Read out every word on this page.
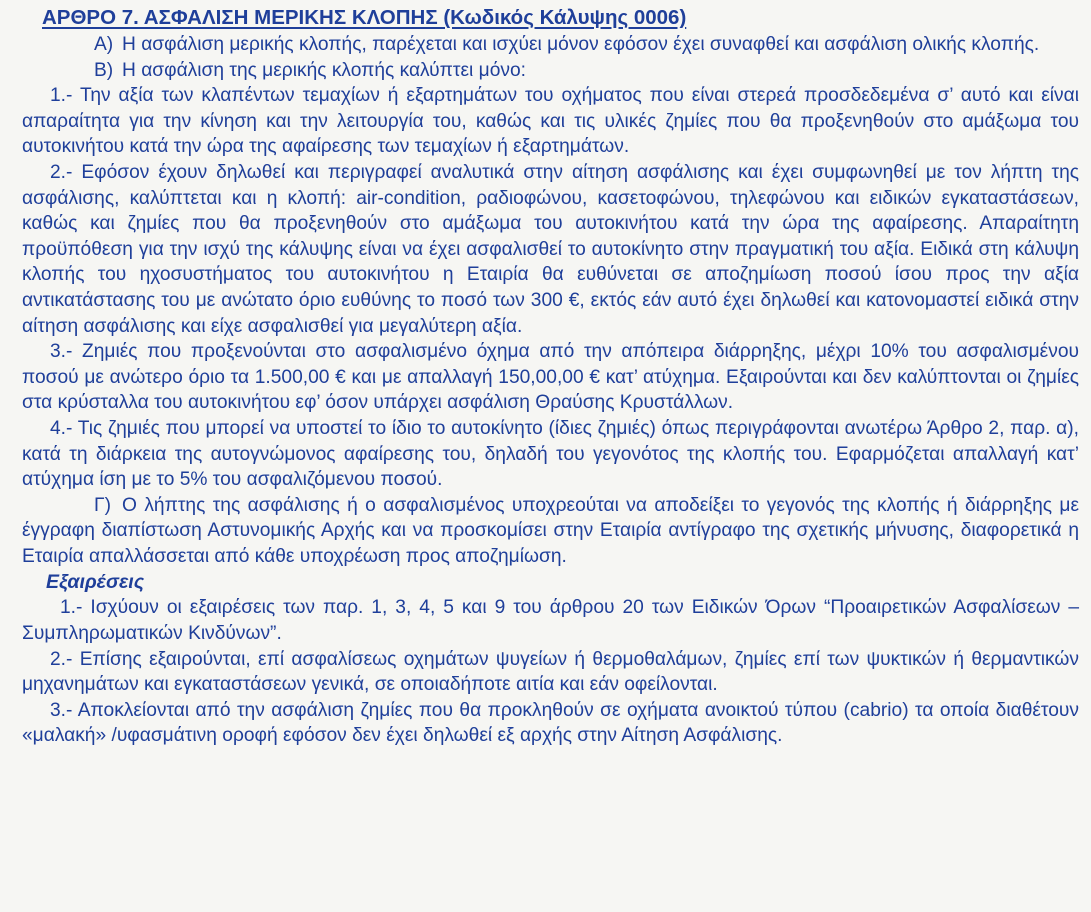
ΑΡΘΡΟ 7. ΑΣΦΑΛΙΣΗ ΜΕΡΙΚΗΣ ΚΛΟΠΗΣ (Κωδικός Κάλυψης 0006)

Α) Η ασφάλιση μερικής κλοπής, παρέχεται και ισχύει μόνον εφόσον έχει συναφθεί και ασφάλιση ολικής κλοπής.

Β) Η ασφάλιση της μερικής κλοπής καλύπτει μόνο:

1.- Την αξία των κλαπέντων τεμαχίων ή εξαρτημάτων του οχήματος που είναι στερεά προσδεδεμένα σ’ αυτό και είναι απαραίτητα για την κίνηση και την λειτουργία του, καθώς και τις υλικές ζημίες που θα προξενηθούν στο αμάξωμα του αυτοκινήτου κατά την ώρα της αφαίρεσης των τεμαχίων ή εξαρτημάτων.

2.- Εφόσον έχουν δηλωθεί και περιγραφεί αναλυτικά στην αίτηση ασφάλισης και έχει συμφωνηθεί με τον λήπτη της ασφάλισης, καλύπτεται και η κλοπή: air-condition, ραδιοφώνου, κασετοφώνου, τηλεφώνου και ειδικών εγκαταστάσεων, καθώς και ζημίες που θα προξενηθούν στο αμάξωμα του αυτοκινήτου κατά την ώρα της αφαίρεσης. Απαραίτητη προϋπόθεση για την ισχύ της κάλυψης είναι να έχει ασφαλισθεί το αυτοκίνητο στην πραγματική του αξία. Ειδικά στη κάλυψη κλοπής του ηχοσυστήματος του αυτοκινήτου η Εταιρία θα ευθύνεται σε αποζημίωση ποσού ίσου προς την αξία αντικατάστασης του με ανώτατο όριο ευθύνης το ποσό των 300 €, εκτός εάν αυτό έχει δηλωθεί και κατονομαστεί ειδικά στην αίτηση ασφάλισης και είχε ασφαλισθεί για μεγαλύτερη αξία.

3.- Ζημιές που προξενούνται στο ασφαλισμένο όχημα από την απόπειρα διάρρηξης, μέχρι 10% του ασφαλισμένου ποσού με ανώτερο όριο τα 1.500,00 € και με απαλλαγή 150,00,00 € κατ’ ατύχημα. Εξαιρούνται και δεν καλύπτονται οι ζημίες στα κρύσταλλα του αυτοκινήτου εφ’ όσον υπάρχει ασφάλιση Θραύσης Κρυστάλλων.

4.- Τις ζημιές που μπορεί να υποστεί το ίδιο το αυτοκίνητο (ίδιες ζημιές) όπως περιγράφονται ανωτέρω Άρθρο 2, παρ. α), κατά τη διάρκεια της αυτογνώμονος αφαίρεσης του, δηλαδή του γεγονότος της κλοπής του. Εφαρμόζεται απαλλαγή κατ’ ατύχημα ίση με το 5% του ασφαλιζόμενου ποσού.

Γ) Ο λήπτης της ασφάλισης ή ο ασφαλισμένος υποχρεούται να αποδείξει το γεγονός της κλοπής ή διάρρηξης με έγγραφη διαπίστωση Αστυνομικής Αρχής και να προσκομίσει στην Εταιρία αντίγραφο της σχετικής μήνυσης, διαφορετικά η Εταιρία απαλλάσσεται από κάθε υποχρέωση προς αποζημίωση.

Εξαιρέσεις

1.- Ισχύουν οι εξαιρέσεις των παρ. 1, 3, 4, 5 και 9 του άρθρου 20 των Ειδικών Όρων “Προαιρετικών Ασφαλίσεων – Συμπληρωματικών Κινδύνων”.

2.- Επίσης εξαιρούνται, επί ασφαλίσεως οχημάτων ψυγείων ή θερμοθαλάμων, ζημίες επί των ψυκτικών ή θερμαντικών μηχανημάτων και εγκαταστάσεων γενικά, σε οποιαδήποτε αιτία και εάν οφείλονται.

3.- Αποκλείονται από την ασφάλιση ζημίες που θα προκληθούν σε οχήματα ανοικτού τύπου (cabrio) τα οποία διαθέτουν «μαλακή» /υφασμάτινη οροφή εφόσον δεν έχει δηλωθεί εξ αρχής στην Αίτηση Ασφάλισης.
